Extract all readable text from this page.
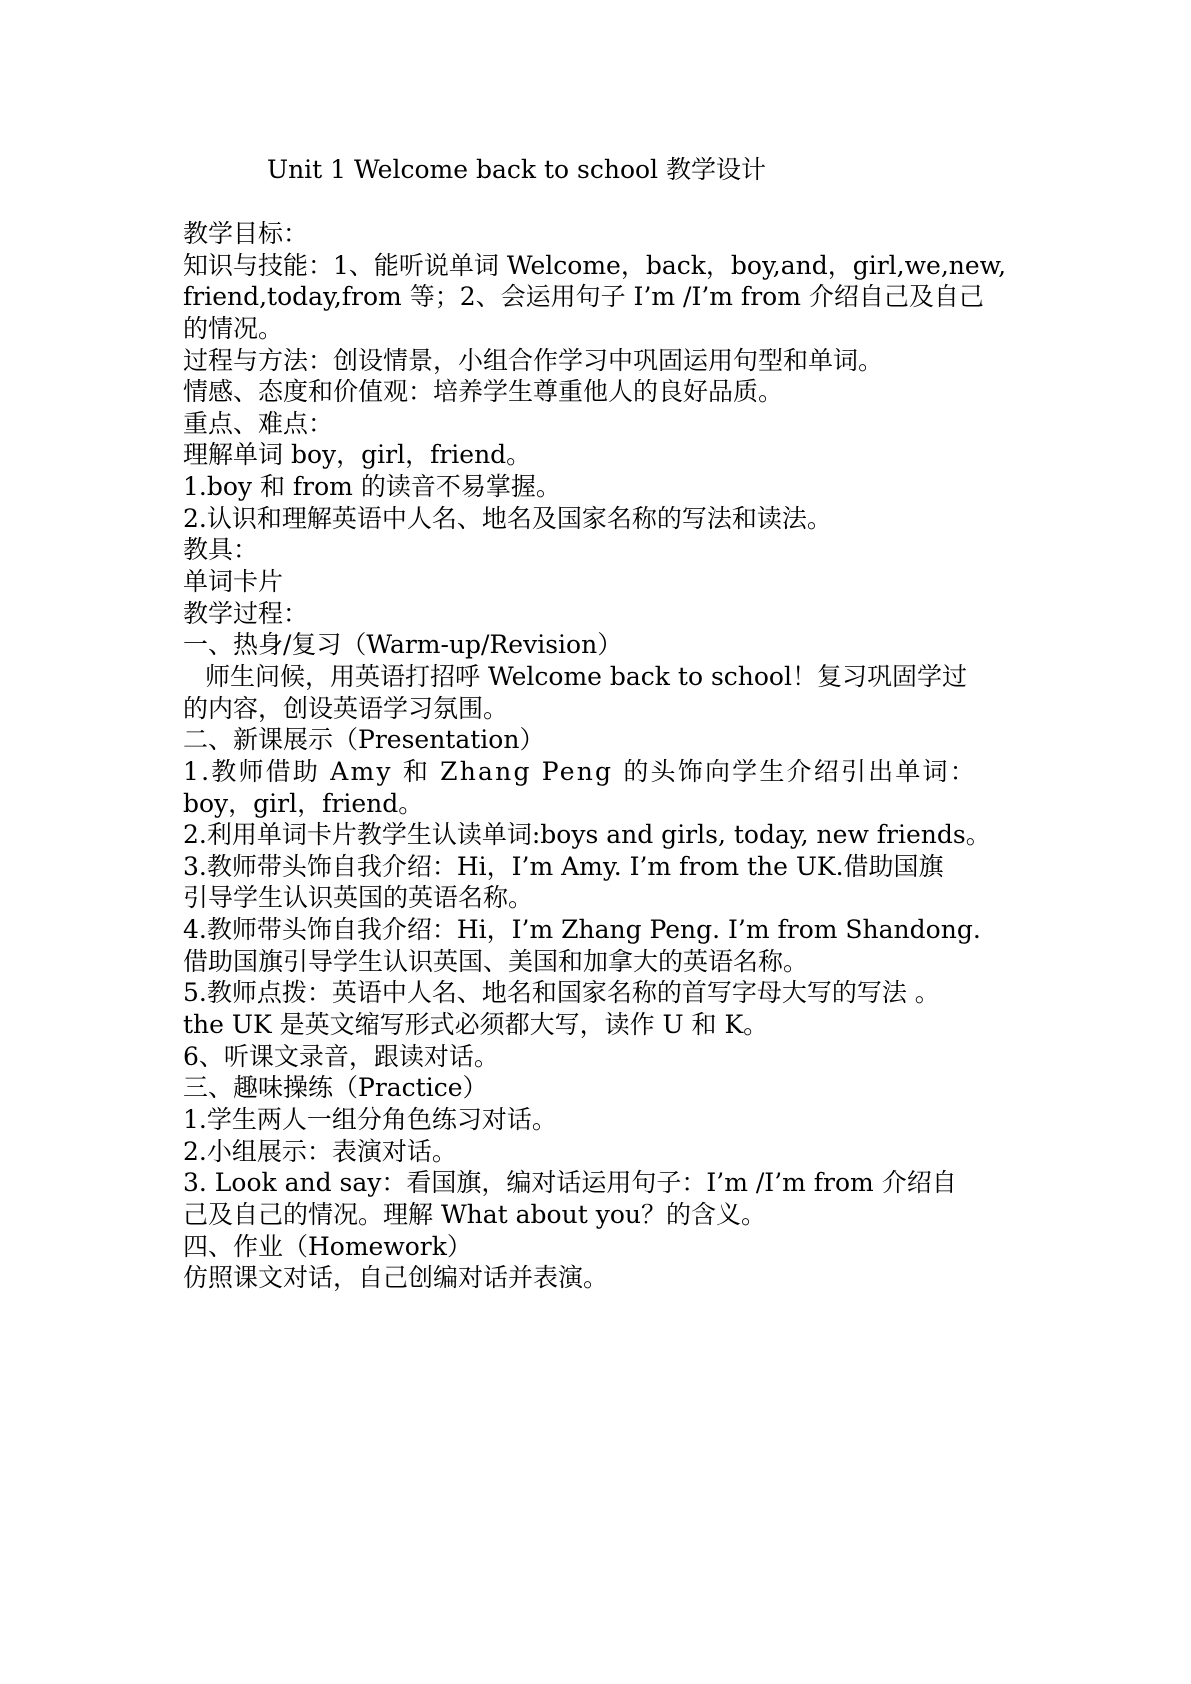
Unit 1 Welcome back to school 教学设计
教学目标：
知识与技能：1、能听说单词 Welcome，back，boy,and，girl,we,new,
friend,today,from 等；2、会运用句子 I’m /I’m from 介绍自己及自己
的情况。
过程与方法：创设情景，小组合作学习中巩固运用句型和单词。
情感、态度和价值观：培养学生尊重他人的良好品质。
重点、难点：
理解单词 boy，girl，friend。
1.boy 和 from 的读音不易掌握。
2.认识和理解英语中人名、地名及国家名称的写法和读法。
教具：
单词卡片
教学过程：
一、热身/复习（Warm-up/Revision）
师生问候，用英语打招呼 Welcome back to school！复习巩固学过
的内容，创设英语学习氛围。
二、新课展示（Presentation）
1.教师借助 Amy 和 Zhang Peng 的头饰向学生介绍引出单词：
boy，girl，friend。
2.利用单词卡片教学生认读单词:boys and girls, today, new friends。
3.教师带头饰自我介绍：Hi，I’m Amy. I’m from the UK.借助国旗
引导学生认识英国的英语名称。
4.教师带头饰自我介绍：Hi，I’m Zhang Peng. I’m from Shandong.
借助国旗引导学生认识英国、美国和加拿大的英语名称。
5.教师点拨：英语中人名、地名和国家名称的首写字母大写的写法 。
the UK 是英文缩写形式必须都大写，读作 U 和 K。
6、听课文录音，跟读对话。
三、趣味操练（Practice）
1.学生两人一组分角色练习对话。
2.小组展示：表演对话。
3. Look and say：看国旗，编对话运用句子：I’m /I’m from 介绍自
己及自己的情况。理解 What about you？的含义。
四、作业（Homework）
仿照课文对话，自己创编对话并表演。
